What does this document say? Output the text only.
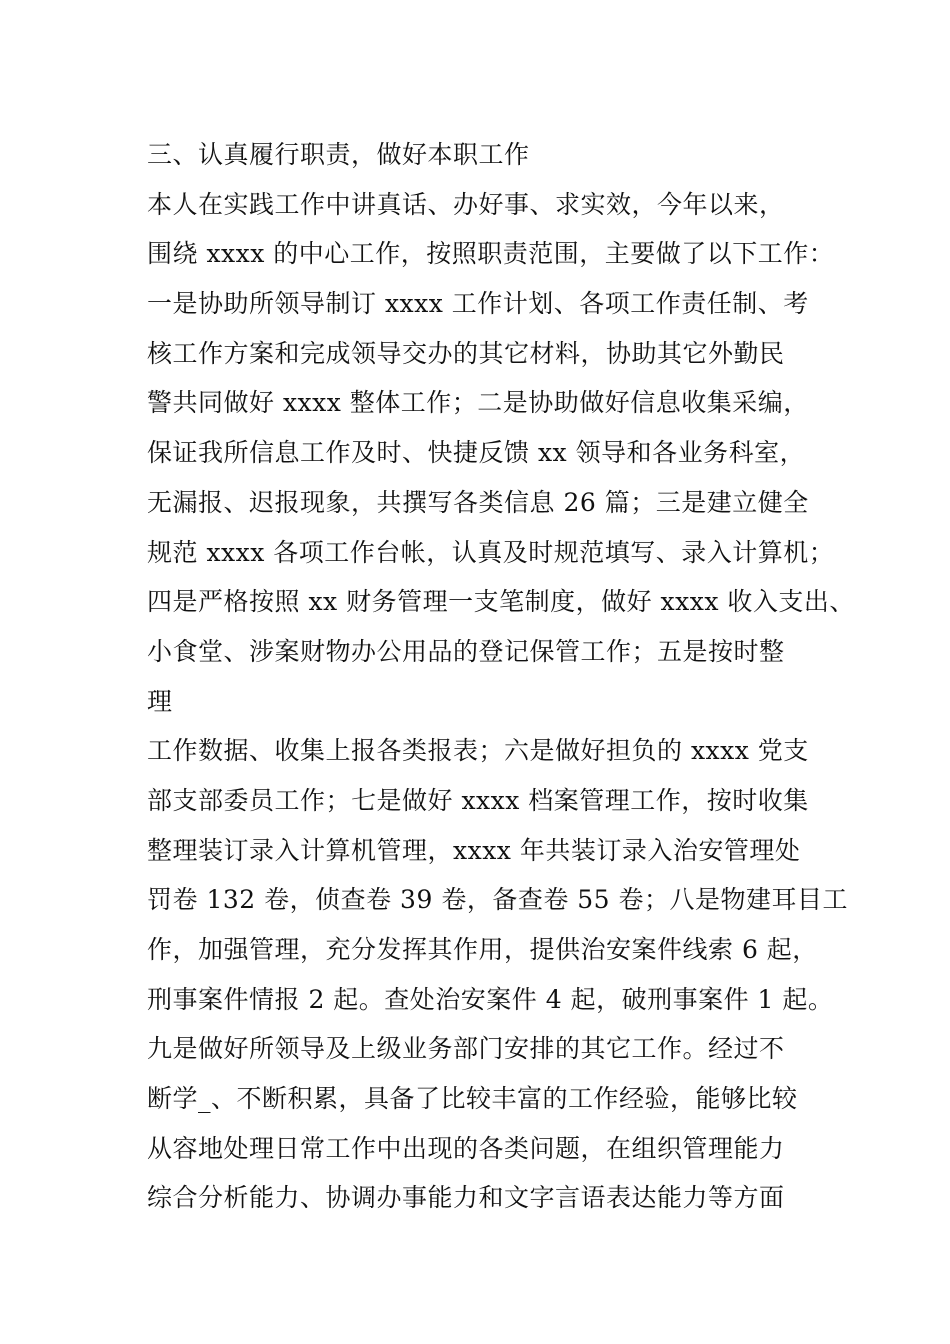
三、认真履行职责，做好本职工作
本人在实践工作中讲真话、办好事、求实效，今年以来，
围绕 xxxx 的中心工作，按照职责范围，主要做了以下工作：
一是协助所领导制订 xxxx 工作计划、各项工作责任制、考
核工作方案和完成领导交办的其它材料，协助其它外勤民
警共同做好 xxxx 整体工作；二是协助做好信息收集采编，
保证我所信息工作及时、快捷反馈 xx 领导和各业务科室，
无漏报、迟报现象，共撰写各类信息 26 篇；三是建立健全
规范 xxxx 各项工作台帐，认真及时规范填写、录入计算机；
四是严格按照 xx 财务管理一支笔制度，做好 xxxx 收入支出、
小食堂、涉案财物办公用品的登记保管工作；五是按时整
理
工作数据、收集上报各类报表；六是做好担负的 xxxx 党支
部支部委员工作；七是做好 xxxx 档案管理工作，按时收集
整理装订录入计算机管理，xxxx 年共装订录入治安管理处
罚卷 132 卷，侦查卷 39 卷，备查卷 55 卷；八是物建耳目工
作，加强管理，充分发挥其作用，提供治安案件线索 6 起，
刑事案件情报 2 起。查处治安案件 4 起，破刑事案件 1 起。
九是做好所领导及上级业务部门安排的其它工作。经过不
断学_、不断积累，具备了比较丰富的工作经验，能够比较
从容地处理日常工作中出现的各类问题，在组织管理能力
综合分析能力、协调办事能力和文字言语表达能力等方面
